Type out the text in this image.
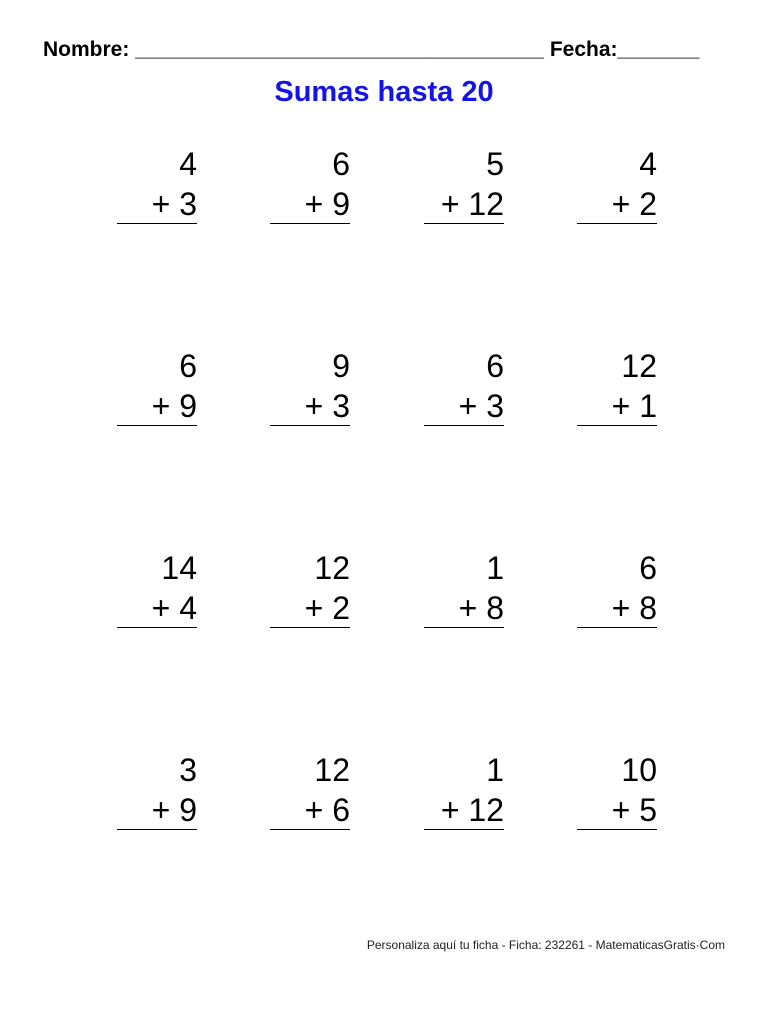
Nombre: ___________________________________ Fecha:_______
Sumas hasta 20
4
+ 3
6
+ 9
5
+ 12
4
+ 2
6
+ 9
9
+ 3
6
+ 3
12
+ 1
14
+ 4
12
+ 2
1
+ 8
6
+ 8
3
+ 9
12
+ 6
1
+ 12
10
+ 5
Personaliza aquí tu ficha - Ficha: 232261 - MatematicasGratis·Com
